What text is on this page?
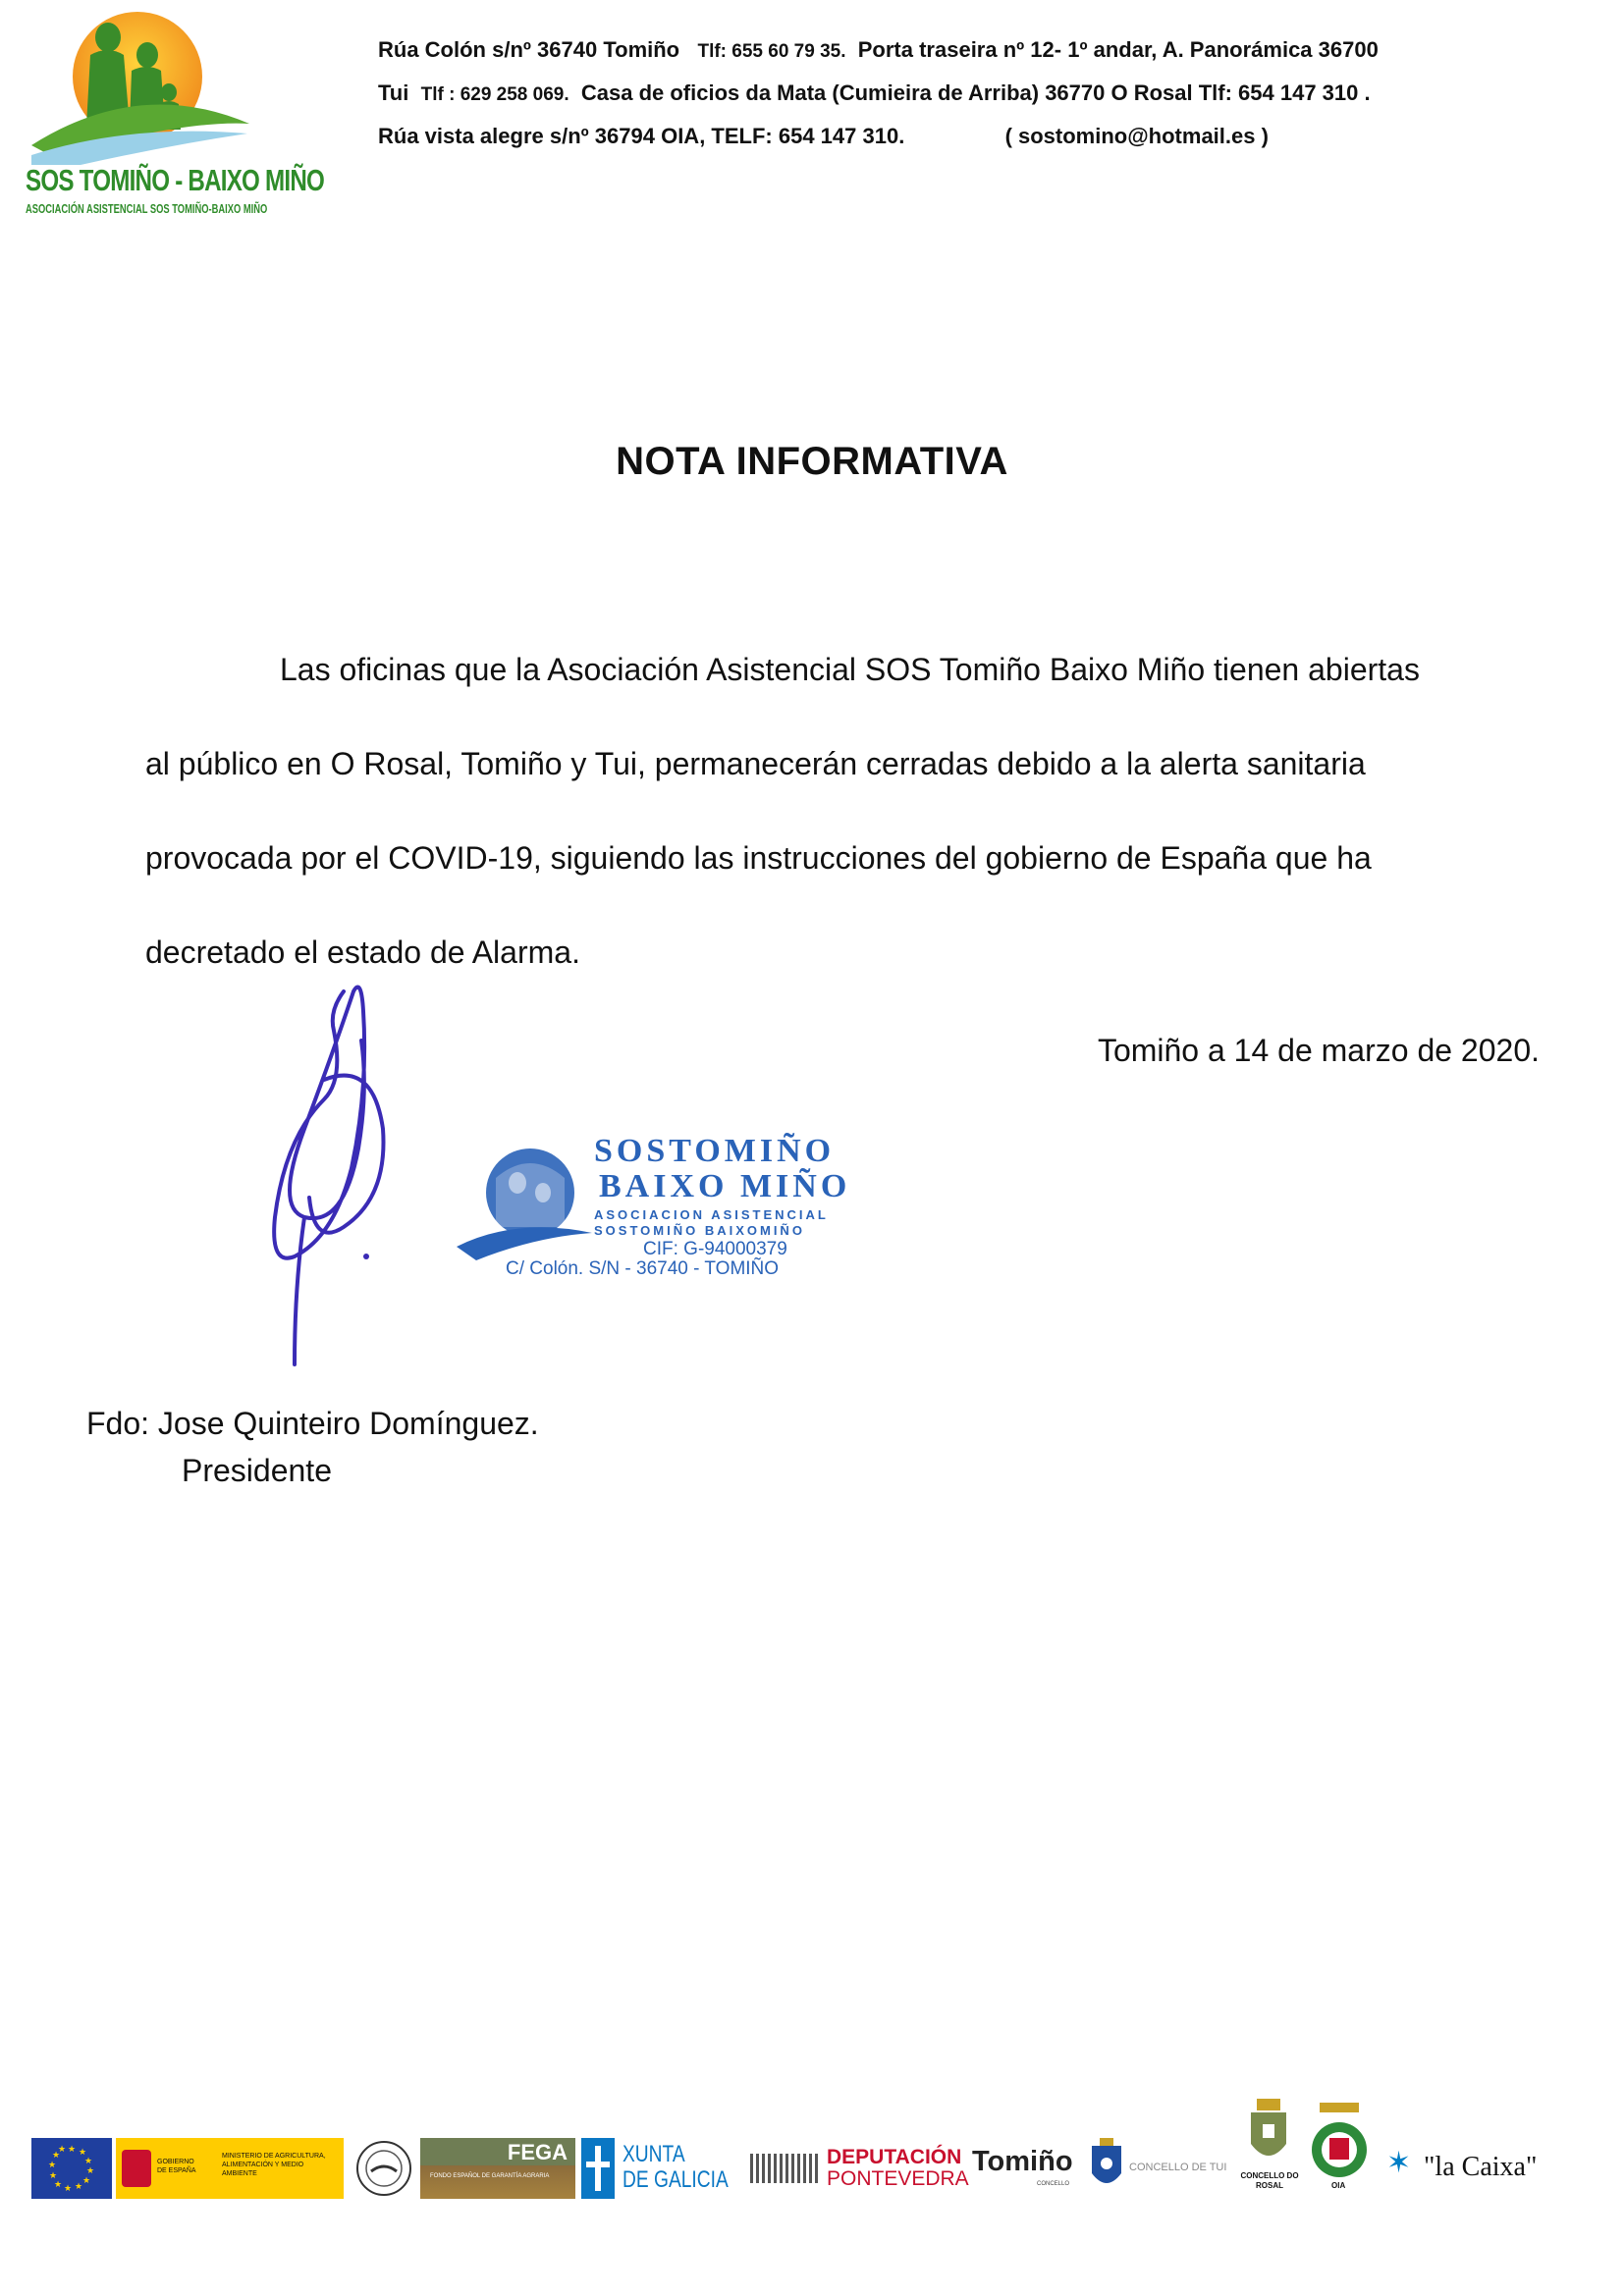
SOS TOMIÑO - BAIXO MIÑO
ASOCIACIÓN ASISTENCIAL SOS TOMIÑO-BAIXO MIÑO
Rúa Colón s/nº 36740 Tomiño Tlf: 655 60 79 35. Porta traseira nº 12- 1º andar, A. Panorámica 36700
Tui Tlf : 629 258 069. Casa de oficios da Mata (Cumieira de Arriba) 36770 O Rosal Tlf: 654 147 310 .
Rúa vista alegre s/nº 36794 OIA, TELF: 654 147 310.	( sostomino@hotmail.es )
NOTA INFORMATIVA

Las oficinas que la Asociación Asistencial SOS Tomiño Baixo Miño tienen abiertas

al público en O Rosal, Tomiño y Tui, permanecerán cerradas debido a la alerta sanitaria

provocada por el COVID-19, siguiendo las instrucciones del gobierno de España que ha

decretado el estado de Alarma.

Tomiño a 14 de marzo de 2020.
SOSTOMIÑO
BAIXO MIÑO
ASOCIACION ASISTENCIAL
SOSTOMIÑO BAIXOMIÑO
CIF: G-94000379
C/ Colón. S/N - 36740 - TOMIÑO
Fdo: Jose Quinteiro Domínguez.
Presidente
★ ★
★
★
★
★
★
★
★
★
★
★
GOBIERNO DE ESPAÑA
MINISTERIO DE AGRICULTURA, ALIMENTACIÓN Y MEDIO AMBIENTE
FEGA
FONDO ESPAÑOL DE GARANTÍA AGRARIA
XUNTA
DE GALICIA
DEPUTACIÓN
PONTEVEDRA
Tomiño
CONCELLO
CONCELLO DE TUI
CONCELLO DO ROSAL	OIA
✶ "la Caixa"
